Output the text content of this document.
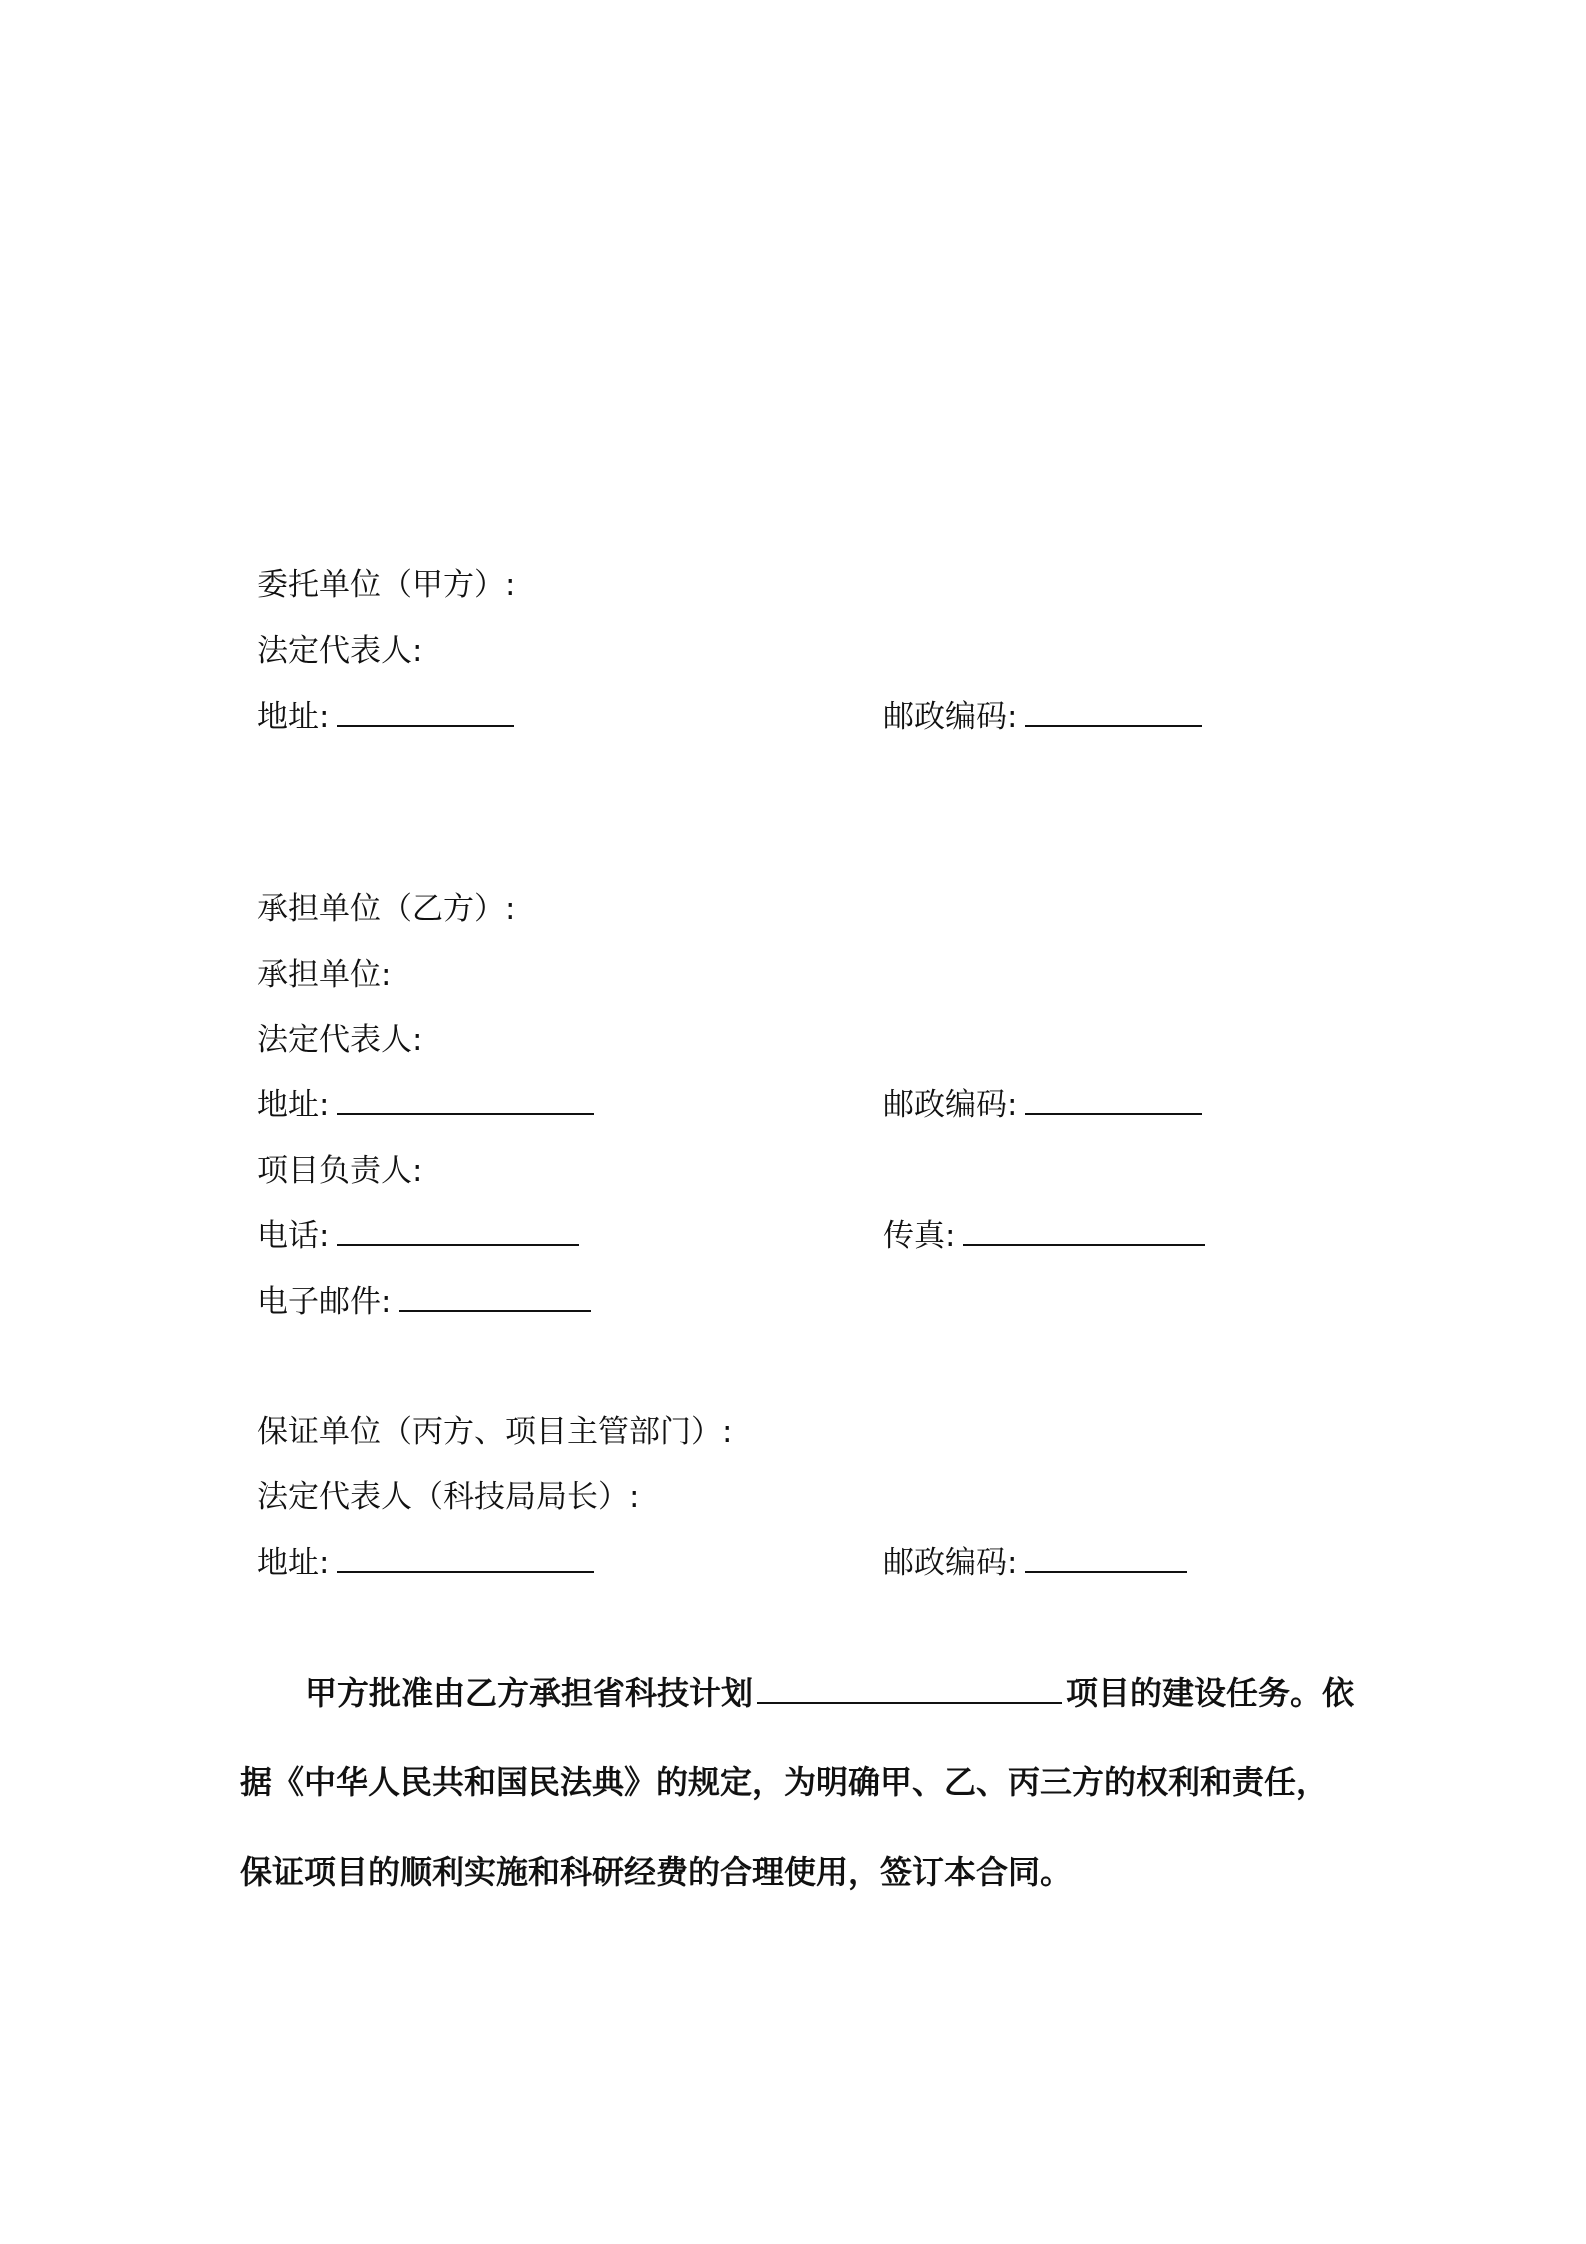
委托单位（甲方）:
法定代表人:
地址:	邮政编码:
承担单位（乙方）:
承担单位:
法定代表人:
地址:	邮政编码:
项目负责人:
电话:	传真:
电子邮件:
保证单位（丙方、项目主管部门）:
法定代表人（科技局局长）:
地址:	邮政编码:
甲方批准由乙方承担省科技计划	项目的建设任务。依
据《中华人民共和国民法典》的规定，为明确甲、乙、丙三方的权利和责任，
保证项目的顺利实施和科研经费的合理使用，签订本合同。
